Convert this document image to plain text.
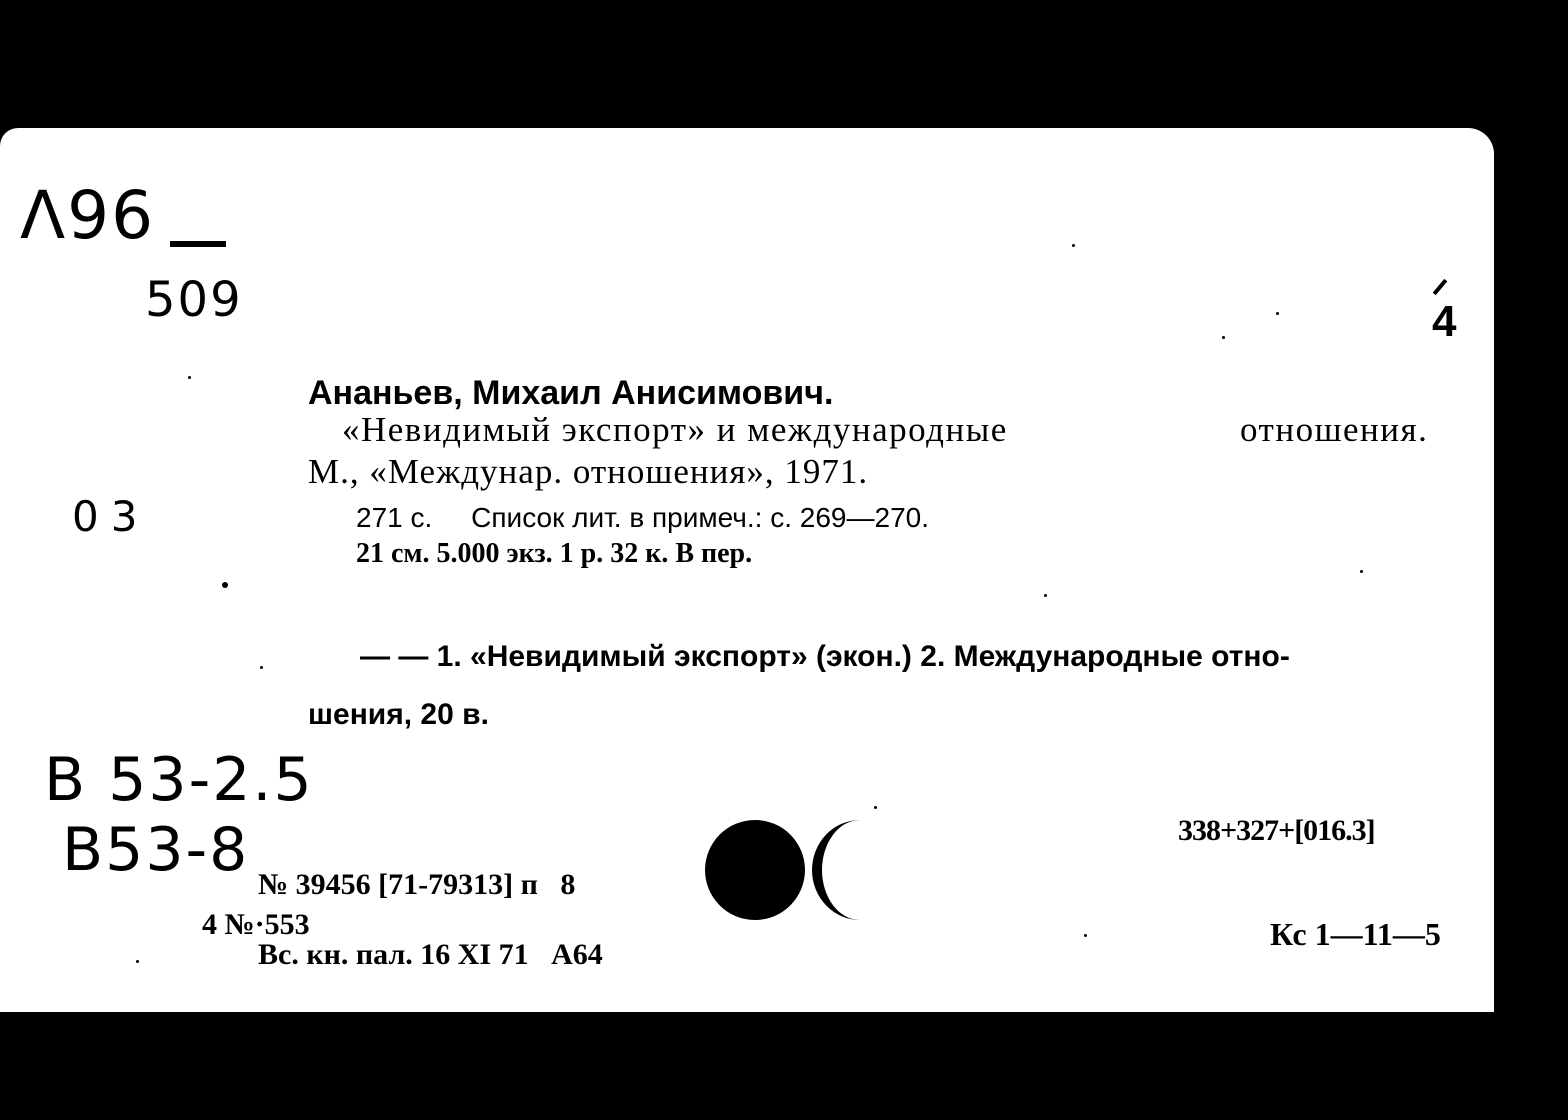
Λ96
509
03
B 53-2.5
B53-8
4
Ананьев, Михаил Анисимович.
«Невидимый экспорт» и международные	отношения.
М., «Междунар. отношения», 1971.
271 с.     Список лит. в примеч.: с. 269—270.
21 см. 5.000 экз. 1 р. 32 к. В пер.
— — 1. «Невидимый экспорт» (экон.) 2. Международные отно-
шения, 20 в.
338+327+[016.3]
№ 39456 [71-79313] п   8
4 №·553
Вс. кн. пал. 16 XI 71   А64
Кс 1—11—5
